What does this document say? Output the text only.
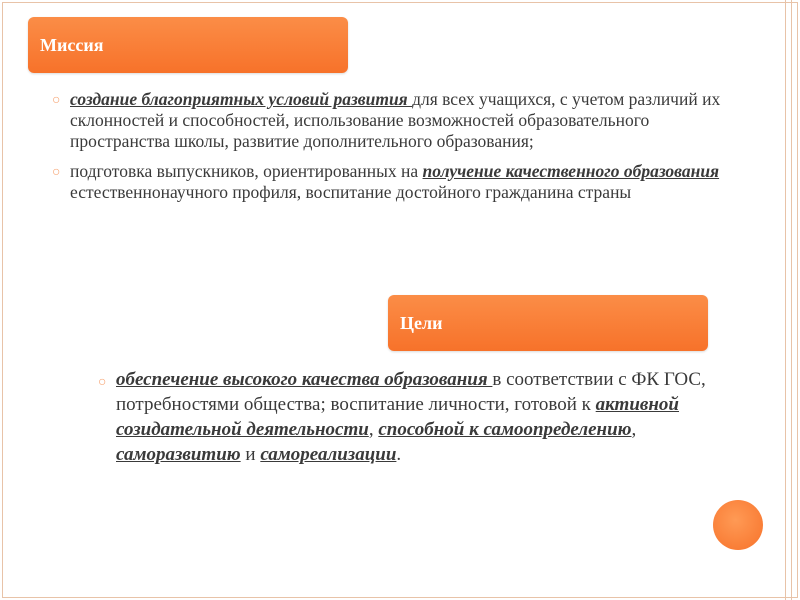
Миссия
○ создание благоприятных условий развития для всех учащихся, с учетом различий их склонностей и способностей, использование возможностей образовательного пространства школы, развитие дополнительного образования;
○ подготовка выпускников, ориентированных на получение качественного образования естественнонаучного профиля, воспитание достойного гражданина страны
Цели
○ обеспечение высокого качества образования в соответствии с ФК ГОС, потребностями общества; воспитание личности, готовой к активной созидательной деятельности, способной к самоопределению, саморазвитию и самореализации.
